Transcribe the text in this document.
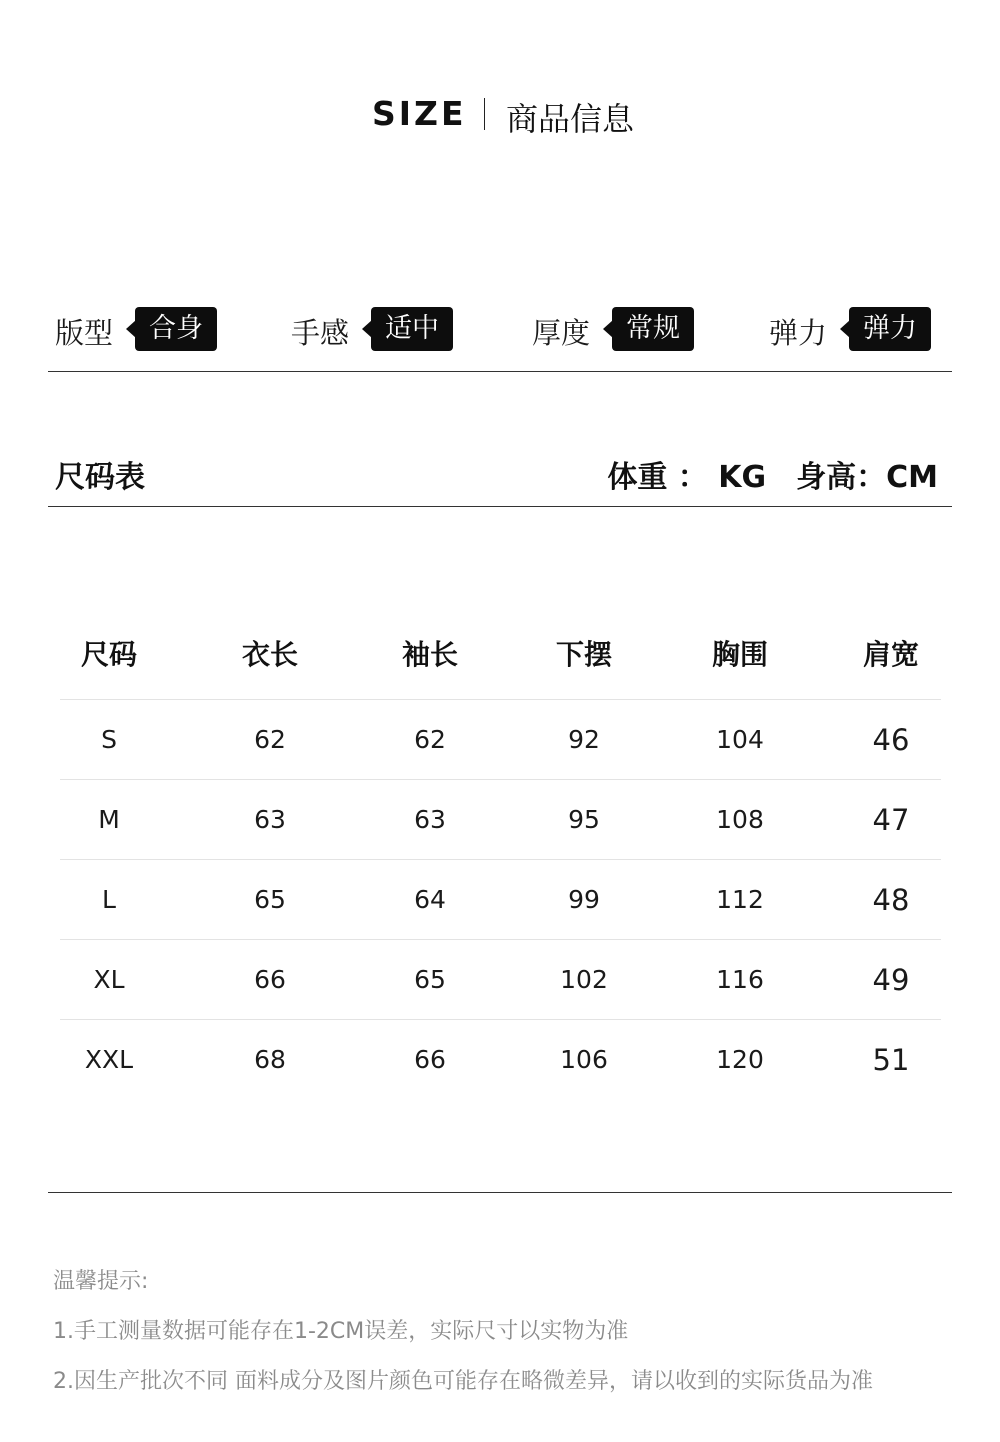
SIZE 商品信息
版型	合身	手感	适中	厚度	常规	弹力	弹力
尺码表	体重 ： KG 身高：CM
尺码	衣长	袖长	下摆	胸围	肩宽
S	62	62	92	104	46
M	63	63	95	108	47
L	65	64	99	112	48
XL	66	65	102	116	49
XXL	68	66	106	120	51
温馨提示:
1.手工测量数据可能存在1-2CM误差，实际尺寸以实物为准
2.因生产批次不同 面料成分及图片颜色可能存在略微差异，请以收到的实际货品为准
